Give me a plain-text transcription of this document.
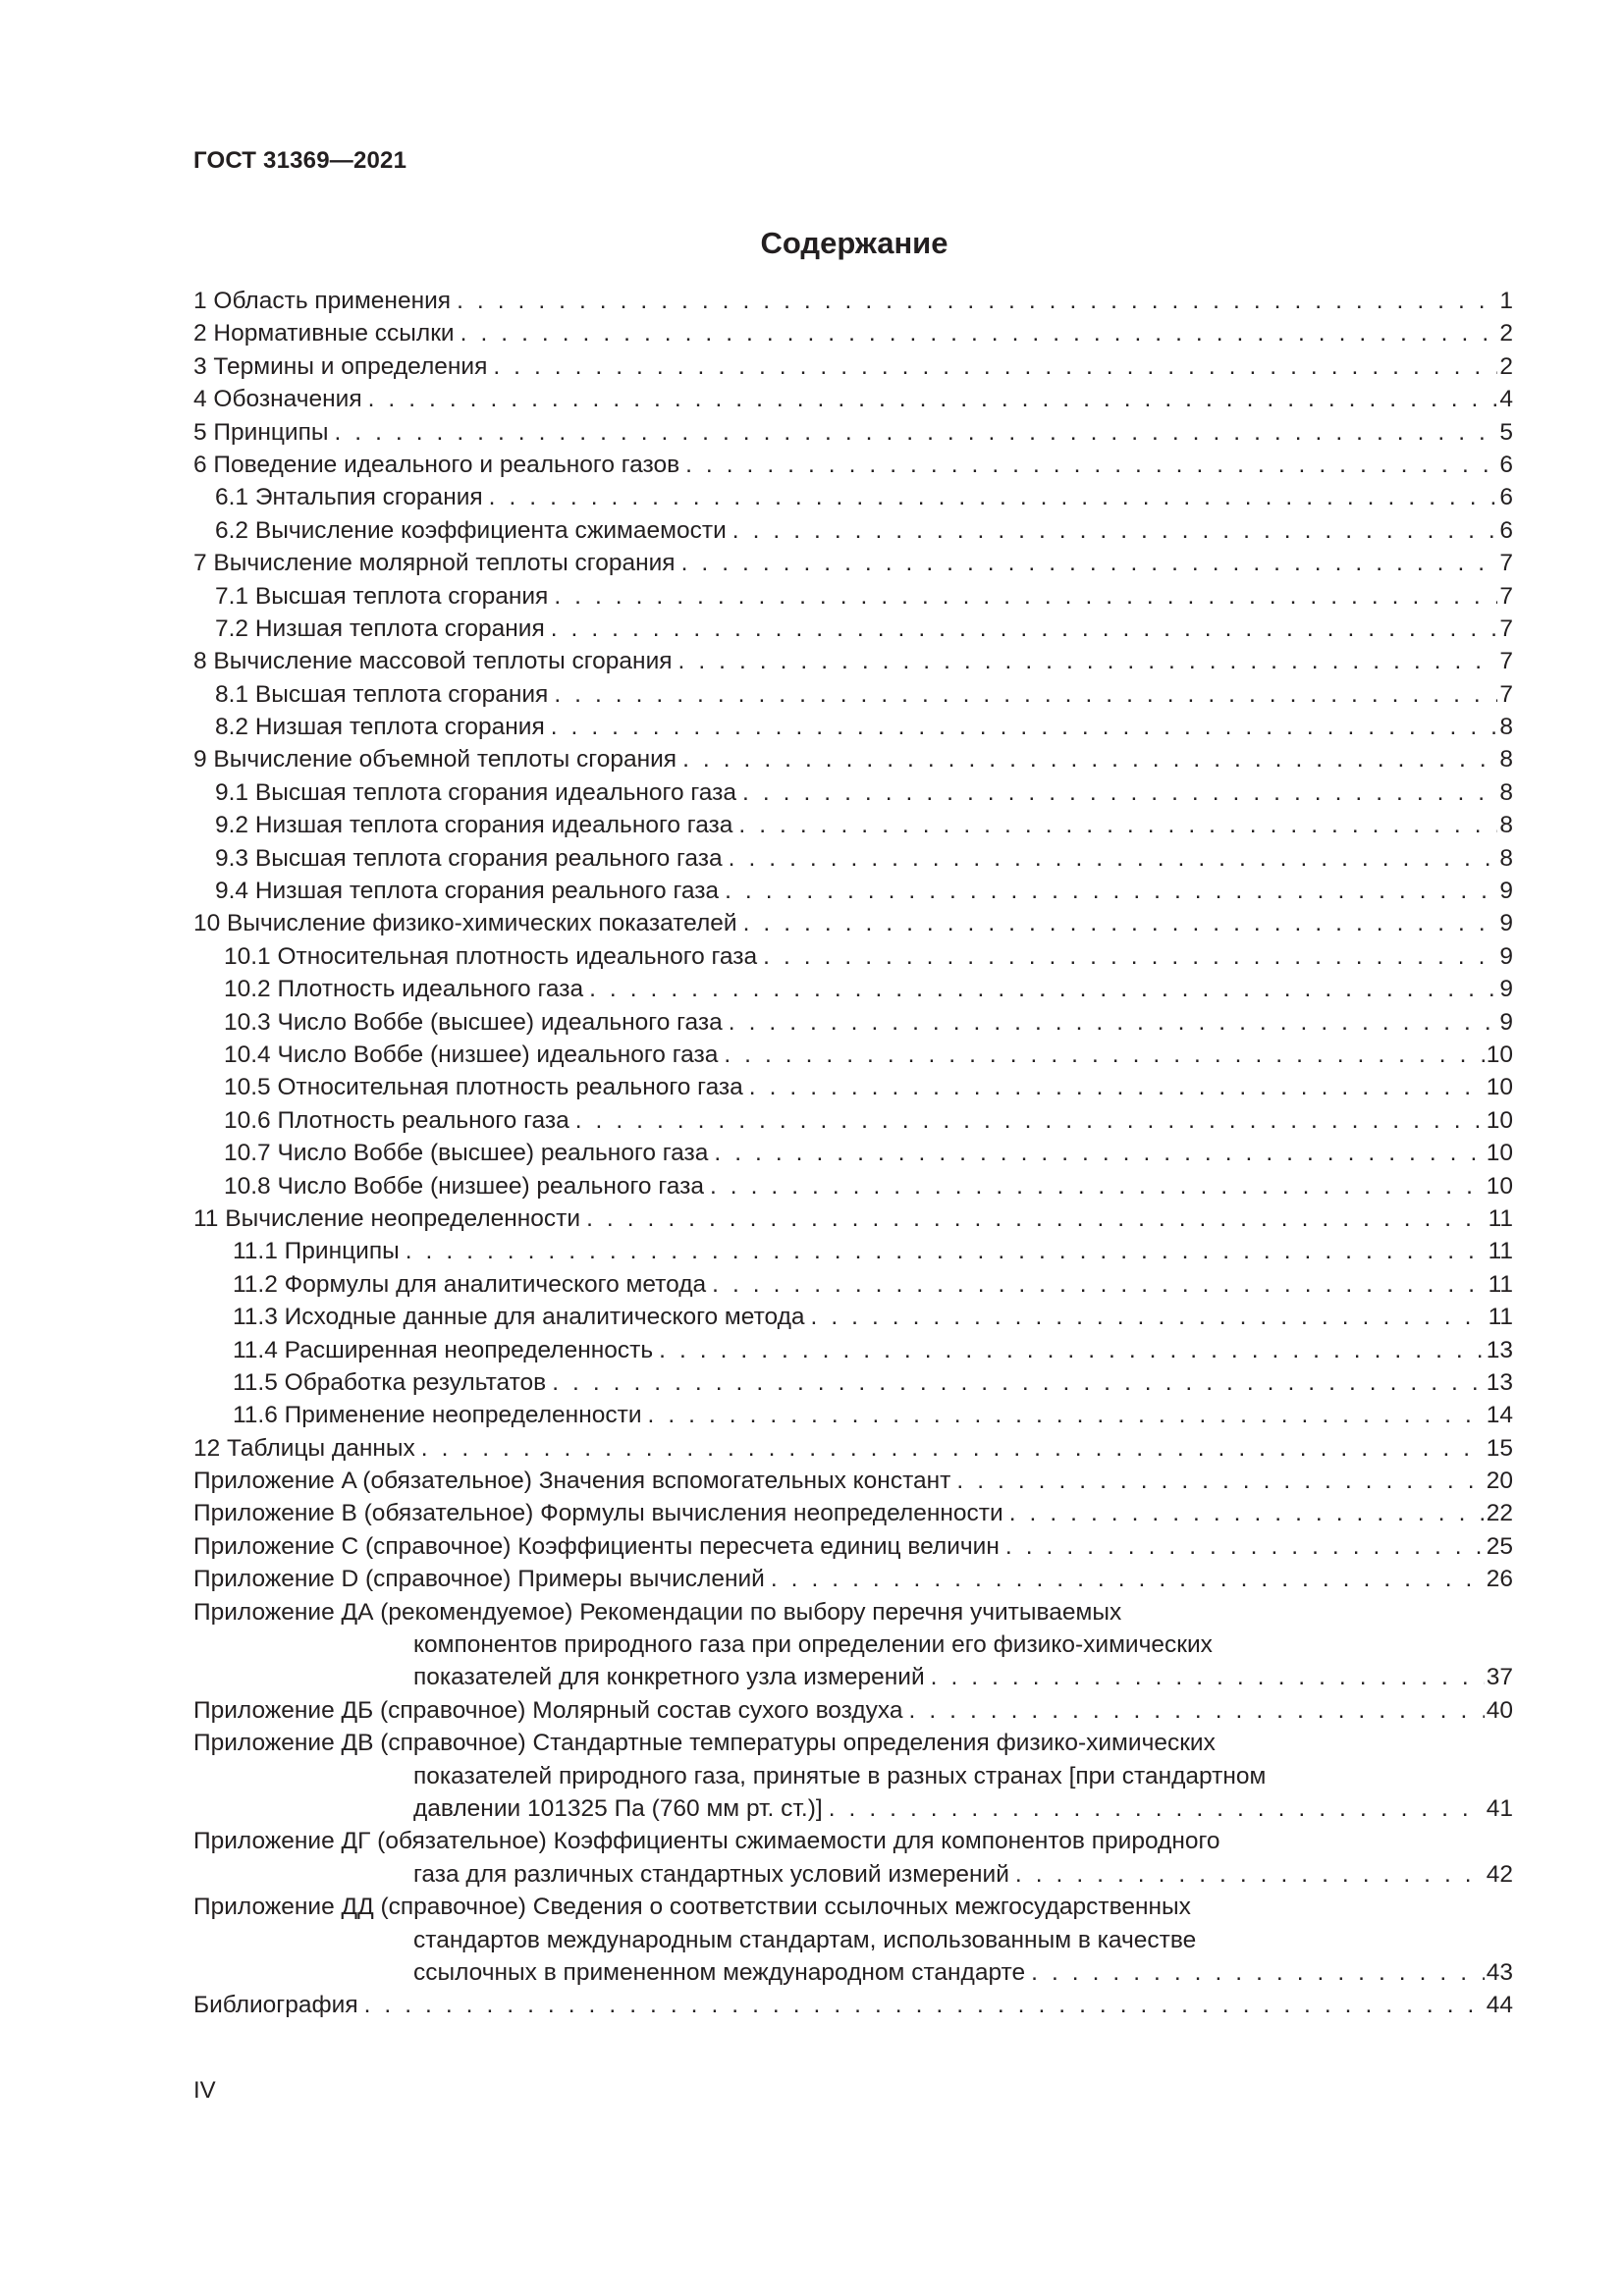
ГОСТ 31369—2021
Содержание
1 Область применения . . .	1
2 Нормативные ссылки . . .	2
3 Термины и определения . . .	2
4 Обозначения . . .	4
5 Принципы . . .	5
6 Поведение идеального и реального газов . . .	6
6.1 Энтальпия сгорания . . .	6
6.2 Вычисление коэффициента сжимаемости . . .	6
7 Вычисление молярной теплоты сгорания . . .	7
7.1 Высшая теплота сгорания . . .	7
7.2 Низшая теплота сгорания . . .	7
8 Вычисление массовой теплоты сгорания . . .	7
8.1 Высшая теплота сгорания . . .	7
8.2 Низшая теплота сгорания . . .	8
9 Вычисление объемной теплоты сгорания . . .	8
9.1 Высшая теплота сгорания идеального газа . . .	8
9.2 Низшая теплота сгорания идеального газа . . .	8
9.3 Высшая теплота сгорания реального газа . . .	8
9.4 Низшая теплота сгорания реального газа . . .	9
10 Вычисление физико-химических показателей . . .	9
10.1 Относительная плотность идеального газа . . .	9
10.2 Плотность идеального газа . . .	9
10.3 Число Воббе (высшее) идеального газа . . .	9
10.4 Число Воббе (низшее) идеального газа . . .	10
10.5 Относительная плотность реального газа . . .	10
10.6 Плотность реального газа . . .	10
10.7 Число Воббе (высшее) реального газа . . .	10
10.8 Число Воббе (низшее) реального газа . . .	10
11 Вычисление неопределенности . . .	11
11.1 Принципы . . .	11
11.2 Формулы для аналитического метода . . .	11
11.3 Исходные данные для аналитического метода . . .	11
11.4 Расширенная неопределенность . . .	13
11.5 Обработка результатов . . .	13
11.6 Применение неопределенности . . .	14
12 Таблицы данных . . .	15
Приложение A (обязательное) Значения вспомогательных констант . . .	20
Приложение B (обязательное) Формулы вычисления неопределенности . . .	22
Приложение C (справочное) Коэффициенты пересчета единиц величин . . .	25
Приложение D (справочное) Примеры вычислений . . .	26
Приложение ДА (рекомендуемое) Рекомендации по выбору перечня учитываемых
компонентов природного газа при определении его физико-химических
показателей для конкретного узла измерений . . .	37
Приложение ДБ (справочное) Молярный состав сухого воздуха . . .	40
Приложение ДВ (справочное) Стандартные температуры определения физико-химических
показателей природного газа, принятые в разных странах [при стандартном
давлении 101325 Па (760 мм рт. ст.)] . . .	41
Приложение ДГ (обязательное) Коэффициенты сжимаемости для компонентов природного
газа для различных стандартных условий измерений . . .	42
Приложение ДД (справочное) Сведения о соответствии ссылочных межгосударственных
стандартов международным стандартам, использованным в качестве
ссылочных в примененном международном стандарте . . .	43
Библиография . . .	44
IV
